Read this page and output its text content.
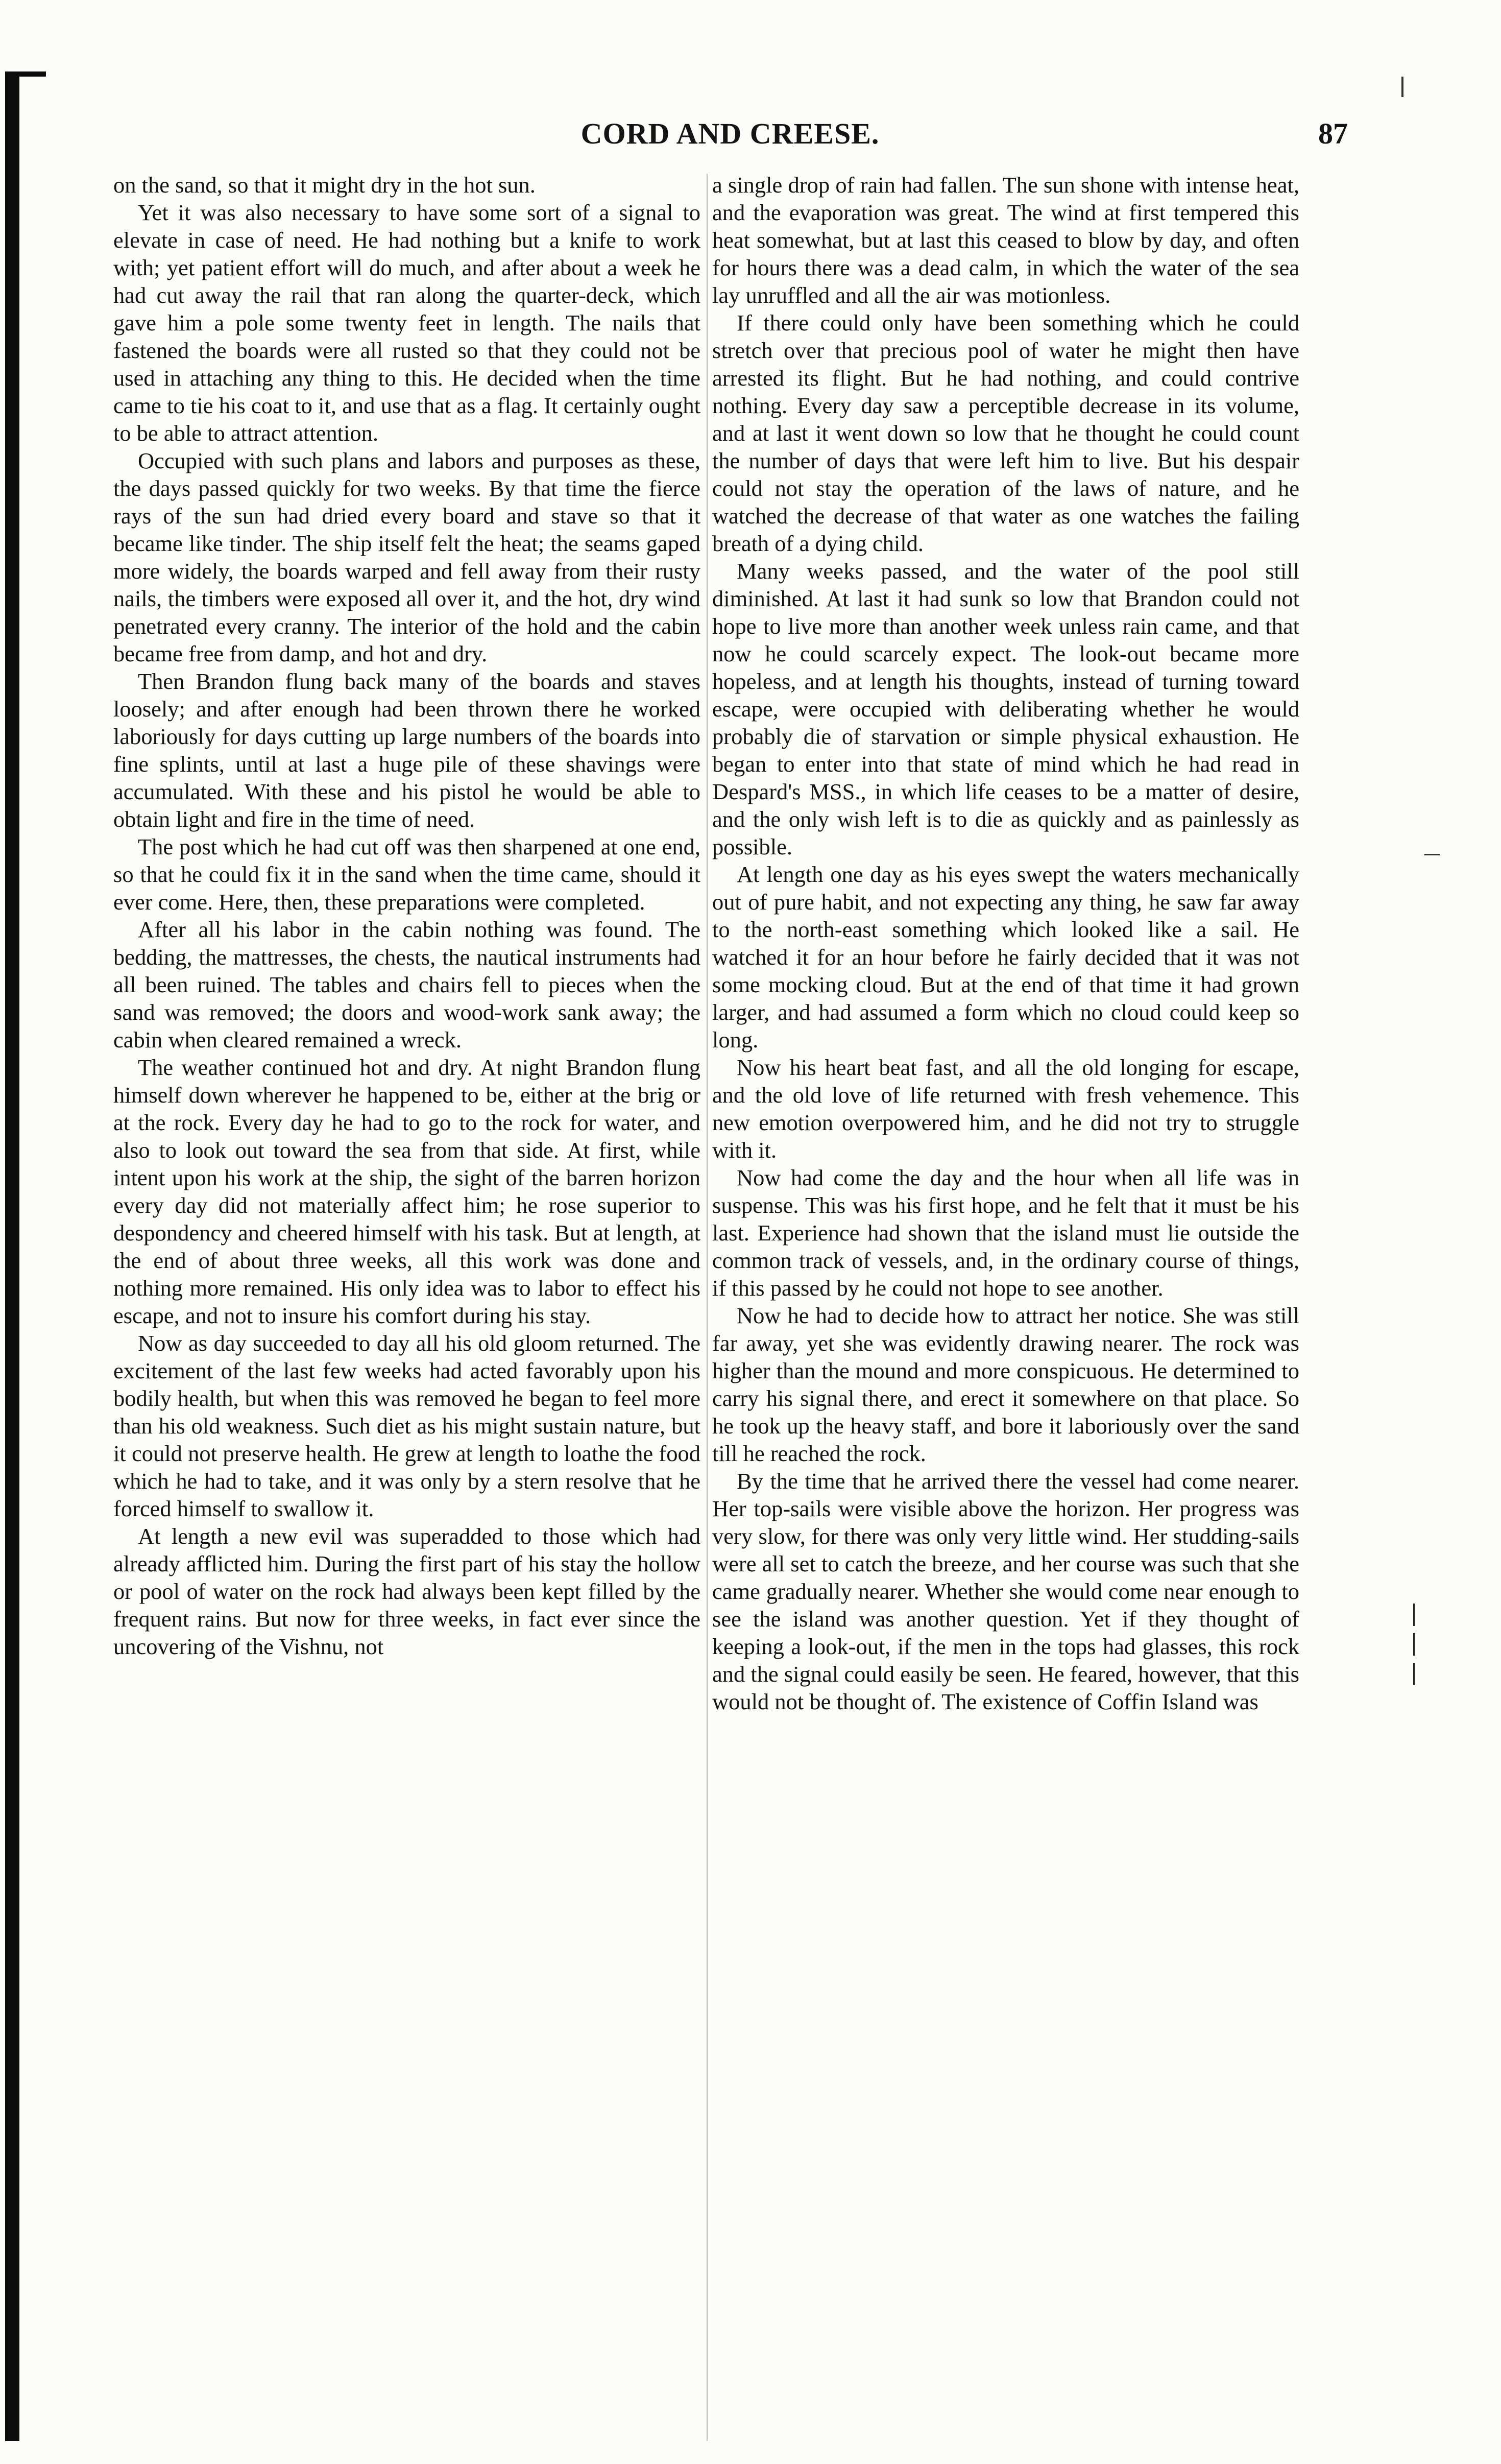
CORD AND CREESE.	87

on the sand, so that it might dry in the hot sun.

Yet it was also necessary to have some sort of a signal to elevate in case of need. He had nothing but a knife to work with; yet patient effort will do much, and after about a week he had cut away the rail that ran along the quarter-deck, which gave him a pole some twenty feet in length. The nails that fastened the boards were all rusted so that they could not be used in attaching any thing to this. He decided when the time came to tie his coat to it, and use that as a flag. It certainly ought to be able to attract attention.

Occupied with such plans and labors and purposes as these, the days passed quickly for two weeks. By that time the fierce rays of the sun had dried every board and stave so that it became like tinder. The ship itself felt the heat; the seams gaped more widely, the boards warped and fell away from their rusty nails, the timbers were exposed all over it, and the hot, dry wind penetrated every cranny. The interior of the hold and the cabin became free from damp, and hot and dry.

Then Brandon flung back many of the boards and staves loosely; and after enough had been thrown there he worked laboriously for days cutting up large numbers of the boards into fine splints, until at last a huge pile of these shavings were accumulated. With these and his pistol he would be able to obtain light and fire in the time of need.

The post which he had cut off was then sharpened at one end, so that he could fix it in the sand when the time came, should it ever come. Here, then, these preparations were completed.

After all his labor in the cabin nothing was found. The bedding, the mattresses, the chests, the nautical instruments had all been ruined. The tables and chairs fell to pieces when the sand was removed; the doors and wood-work sank away; the cabin when cleared remained a wreck.

The weather continued hot and dry. At night Brandon flung himself down wherever he happened to be, either at the brig or at the rock. Every day he had to go to the rock for water, and also to look out toward the sea from that side. At first, while intent upon his work at the ship, the sight of the barren horizon every day did not materially affect him; he rose superior to despondency and cheered himself with his task. But at length, at the end of about three weeks, all this work was done and nothing more remained. His only idea was to labor to effect his escape, and not to insure his comfort during his stay.

Now as day succeeded to day all his old gloom returned. The excitement of the last few weeks had acted favorably upon his bodily health, but when this was removed he began to feel more than his old weakness. Such diet as his might sustain nature, but it could not preserve health. He grew at length to loathe the food which he had to take, and it was only by a stern resolve that he forced himself to swallow it.

At length a new evil was superadded to those which had already afflicted him. During the first part of his stay the hollow or pool of water on the rock had always been kept filled by the frequent rains. But now for three weeks, in fact ever since the uncovering of the Vishnu, not

a single drop of rain had fallen. The sun shone with intense heat, and the evaporation was great. The wind at first tempered this heat somewhat, but at last this ceased to blow by day, and often for hours there was a dead calm, in which the water of the sea lay unruffled and all the air was motionless.

If there could only have been something which he could stretch over that precious pool of water he might then have arrested its flight. But he had nothing, and could contrive nothing. Every day saw a perceptible decrease in its volume, and at last it went down so low that he thought he could count the number of days that were left him to live. But his despair could not stay the operation of the laws of nature, and he watched the decrease of that water as one watches the failing breath of a dying child.

Many weeks passed, and the water of the pool still diminished. At last it had sunk so low that Brandon could not hope to live more than another week unless rain came, and that now he could scarcely expect. The look-out became more hopeless, and at length his thoughts, instead of turning toward escape, were occupied with deliberating whether he would probably die of starvation or simple physical exhaustion. He began to enter into that state of mind which he had read in Despard's MSS., in which life ceases to be a matter of desire, and the only wish left is to die as quickly and as painlessly as possible.

At length one day as his eyes swept the waters mechanically out of pure habit, and not expecting any thing, he saw far away to the north-east something which looked like a sail. He watched it for an hour before he fairly decided that it was not some mocking cloud. But at the end of that time it had grown larger, and had assumed a form which no cloud could keep so long.

Now his heart beat fast, and all the old longing for escape, and the old love of life returned with fresh vehemence. This new emotion overpowered him, and he did not try to struggle with it.

Now had come the day and the hour when all life was in suspense. This was his first hope, and he felt that it must be his last. Experience had shown that the island must lie outside the common track of vessels, and, in the ordinary course of things, if this passed by he could not hope to see another.

Now he had to decide how to attract her notice. She was still far away, yet she was evidently drawing nearer. The rock was higher than the mound and more conspicuous. He determined to carry his signal there, and erect it somewhere on that place. So he took up the heavy staff, and bore it laboriously over the sand till he reached the rock.

By the time that he arrived there the vessel had come nearer. Her top-sails were visible above the horizon. Her progress was very slow, for there was only very little wind. Her studding-sails were all set to catch the breeze, and her course was such that she came gradually nearer. Whether she would come near enough to see the island was another question. Yet if they thought of keeping a look-out, if the men in the tops had glasses, this rock and the signal could easily be seen. He feared, however, that this would not be thought of. The existence of Coffin Island was
